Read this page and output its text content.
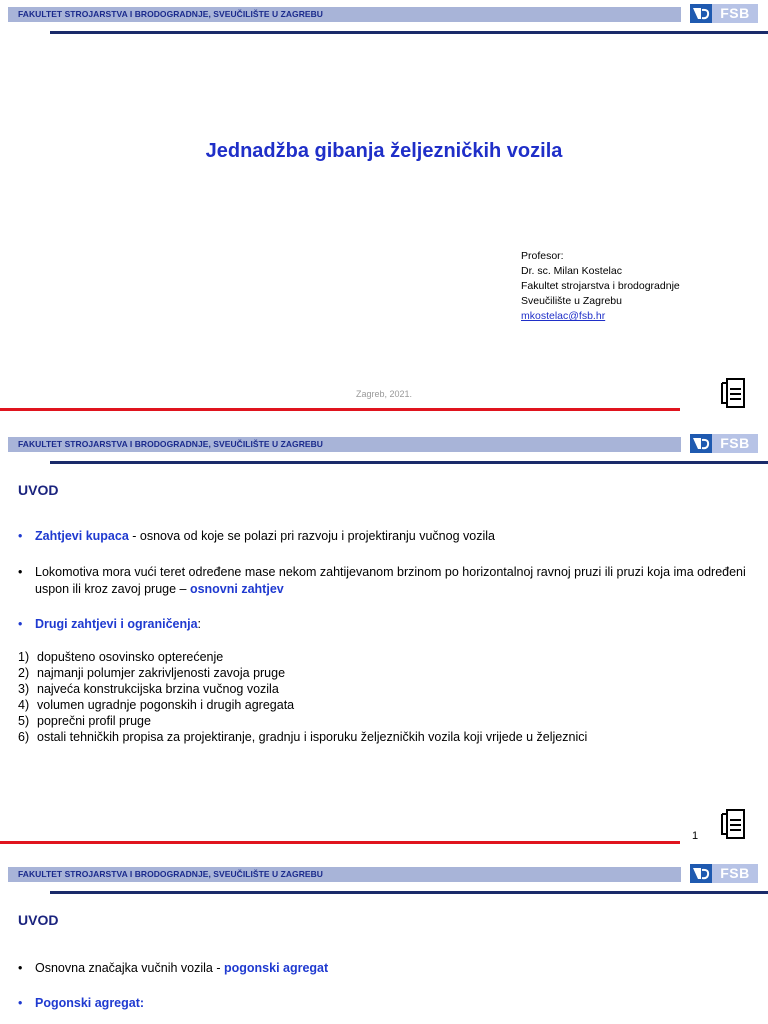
FAKULTET STROJARSTVA I BRODOGRADNJE, SVEUČILIŠTE U ZAGREBU	FSB
Jednadžba gibanja željezničkih vozila
Profesor:
Dr. sc. Milan Kostelac
Fakultet strojarstva i brodogradnje
Sveučilište u Zagrebu
mkostelac@fsb.hr
Zagreb, 2021.
FAKULTET STROJARSTVA I BRODOGRADNJE, SVEUČILIŠTE U ZAGREBU	FSB
UVOD
• Zahtjevi kupaca - osnova od koje se polazi pri razvoju i projektiranju vučnog vozila
• Lokomotiva mora vući teret određene mase nekom zahtijevanom brzinom po horizontalnoj ravnoj pruzi ili pruzi koja ima određeni uspon ili kroz zavoj pruge – osnovni zahtjev
• Drugi zahtjevi i ograničenja:
1) dopušteno osovinsko opterećenje
2) najmanji polumjer zakrivljenosti zavoja pruge
3) najveća konstrukcijska brzina vučnog vozila
4) volumen ugradnje pogonskih i drugih agregata
5) poprečni profil pruge
6) ostali tehničkih propisa za projektiranje, gradnju i isporuku željezničkih vozila koji vrijede u željeznici
1
FAKULTET STROJARSTVA I BRODOGRADNJE, SVEUČILIŠTE U ZAGREBU	FSB
UVOD
• Osnovna značajka vučnih vozila - pogonski agregat
• Pogonski agregat:
